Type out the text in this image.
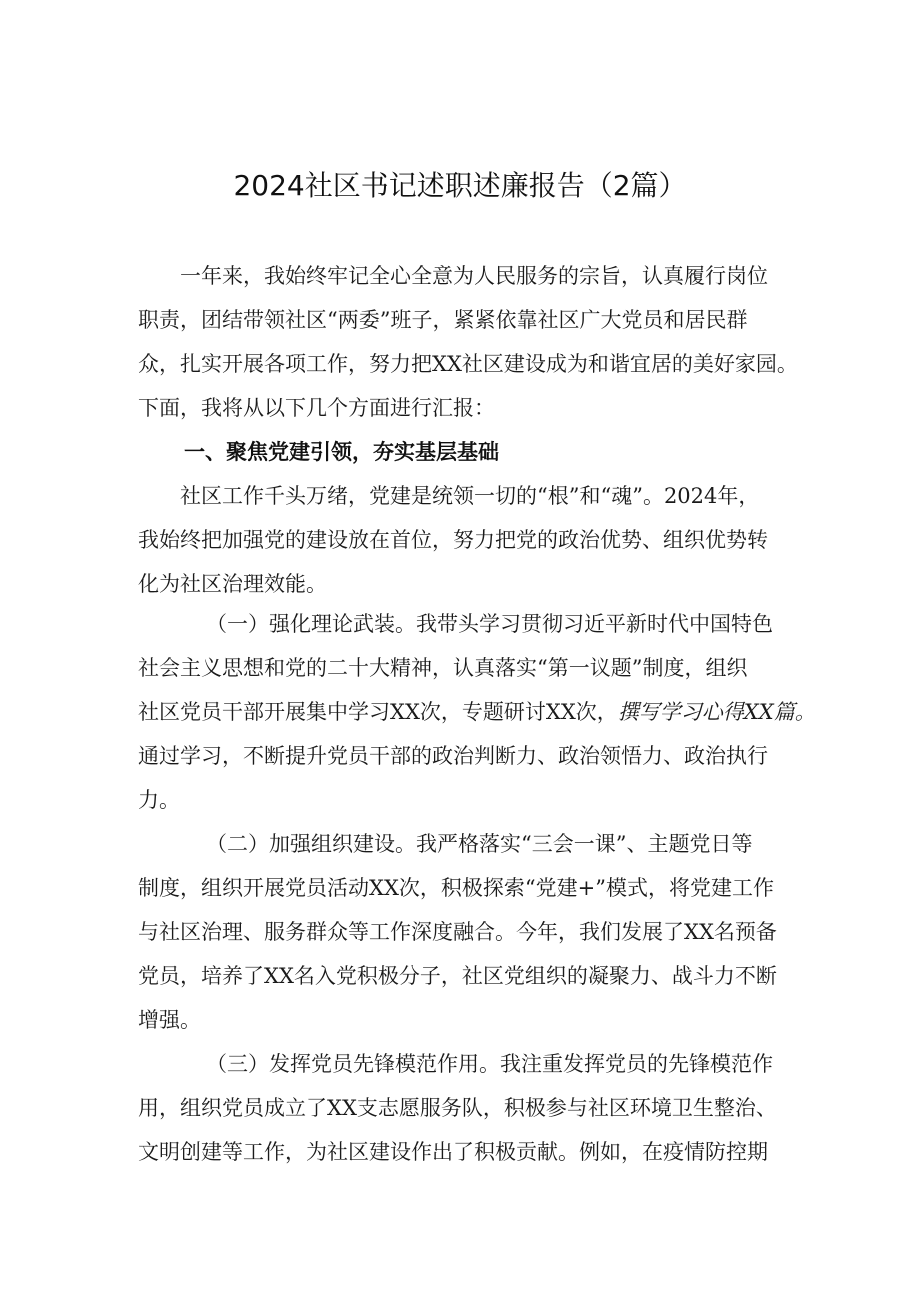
2024社区书记述职述廉报告（2篇）
一年来，我始终牢记全心全意为人民服务的宗旨，认真履行岗位
职责，团结带领社区“两委”班子，紧紧依靠社区广大党员和居民群
众，扎实开展各项工作，努力把XX社区建设成为和谐宜居的美好家园。
下面，我将从以下几个方面进行汇报：
一、聚焦党建引领，夯实基层基础
社区工作千头万绪，党建是统领一切的“根”和“魂”。2024年，
我始终把加强党的建设放在首位，努力把党的政治优势、组织优势转
化为社区治理效能。
（一）强化理论武装。我带头学习贯彻习近平新时代中国特色
社会主义思想和党的二十大精神，认真落实“第一议题”制度，组织
社区党员干部开展集中学习XX次，专题研讨XX次，撰写学习心得XX篇。
通过学习，不断提升党员干部的政治判断力、政治领悟力、政治执行
力。
（二）加强组织建设。我严格落实“三会一课”、主题党日等
制度，组织开展党员活动XX次，积极探索“党建+”模式，将党建工作
与社区治理、服务群众等工作深度融合。今年，我们发展了XX名预备
党员，培养了XX名入党积极分子，社区党组织的凝聚力、战斗力不断
增强。
（三）发挥党员先锋模范作用。我注重发挥党员的先锋模范作
用，组织党员成立了XX支志愿服务队，积极参与社区环境卫生整治、
文明创建等工作，为社区建设作出了积极贡献。例如，在疫情防控期
